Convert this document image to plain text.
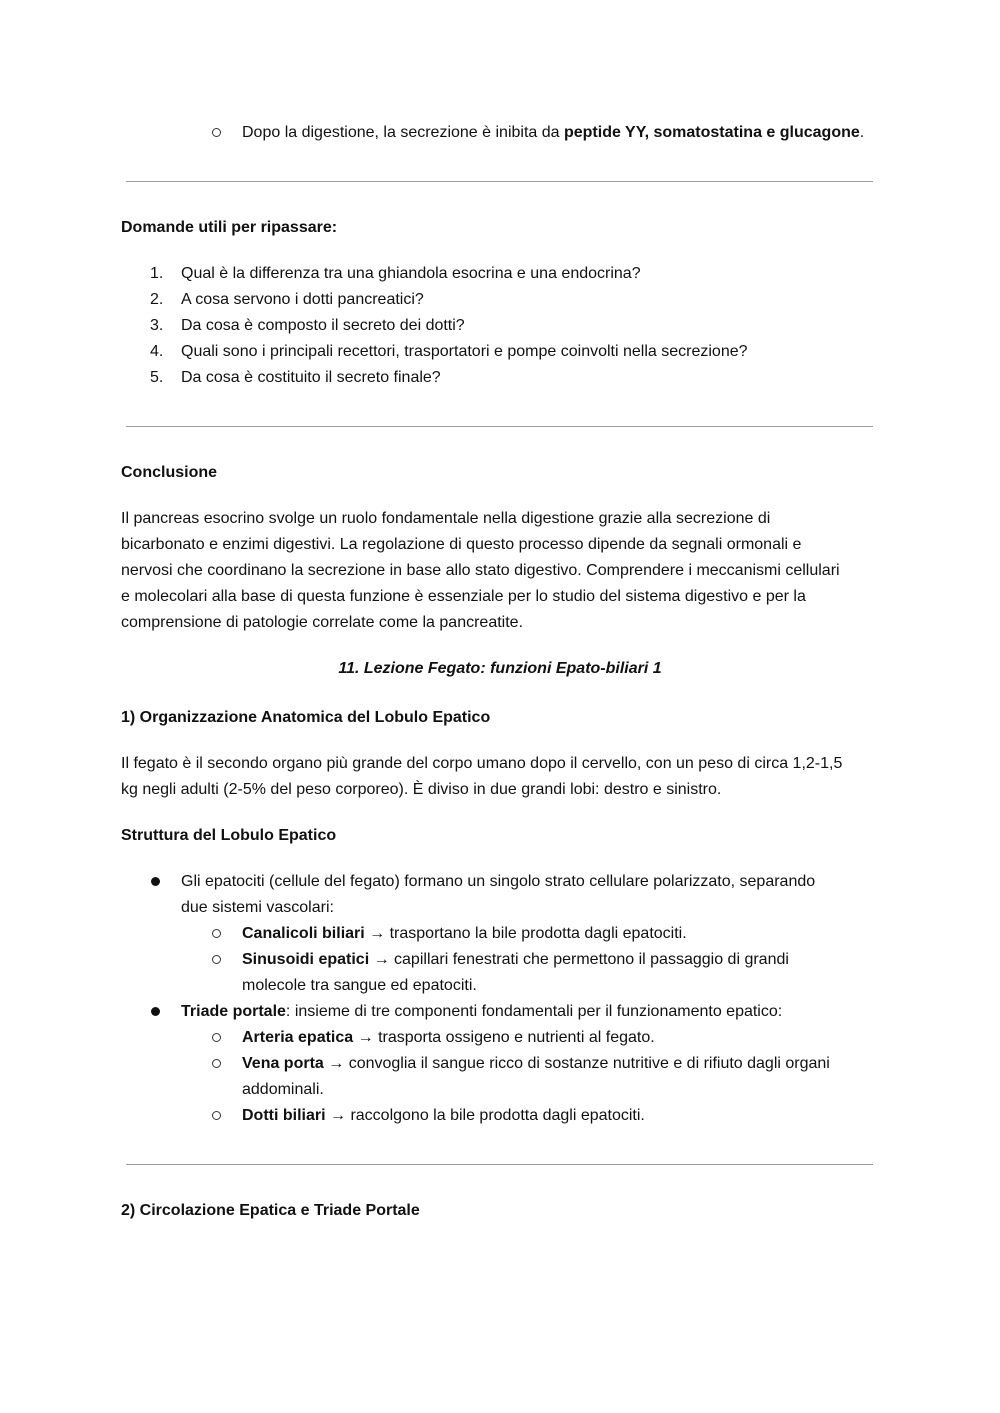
Dopo la digestione, la secrezione è inibita da peptide YY, somatostatina e glucagone.
Domande utili per ripassare:
1. Qual è la differenza tra una ghiandola esocrina e una endocrina?
2. A cosa servono i dotti pancreatici?
3. Da cosa è composto il secreto dei dotti?
4. Quali sono i principali recettori, trasportatori e pompe coinvolti nella secrezione?
5. Da cosa è costituito il secreto finale?
Conclusione
Il pancreas esocrino svolge un ruolo fondamentale nella digestione grazie alla secrezione di
bicarbonato e enzimi digestivi. La regolazione di questo processo dipende da segnali ormonali e
nervosi che coordinano la secrezione in base allo stato digestivo. Comprendere i meccanismi cellulari
e molecolari alla base di questa funzione è essenziale per lo studio del sistema digestivo e per la
comprensione di patologie correlate come la pancreatite.
11. Lezione Fegato: funzioni Epato-biliari 1
1) Organizzazione Anatomica del Lobulo Epatico
Il fegato è il secondo organo più grande del corpo umano dopo il cervello, con un peso di circa 1,2-1,5
kg negli adulti (2-5% del peso corporeo). È diviso in due grandi lobi: destro e sinistro.
Struttura del Lobulo Epatico
Gli epatociti (cellule del fegato) formano un singolo strato cellulare polarizzato, separando
due sistemi vascolari:
Canalicoli biliari → trasportano la bile prodotta dagli epatociti.
Sinusoidi epatici → capillari fenestrati che permettono il passaggio di grandi
molecole tra sangue ed epatociti.
Triade portale: insieme di tre componenti fondamentali per il funzionamento epatico:
Arteria epatica → trasporta ossigeno e nutrienti al fegato.
Vena porta → convoglia il sangue ricco di sostanze nutritive e di rifiuto dagli organi
addominali.
Dotti biliari → raccolgono la bile prodotta dagli epatociti.
2) Circolazione Epatica e Triade Portale
